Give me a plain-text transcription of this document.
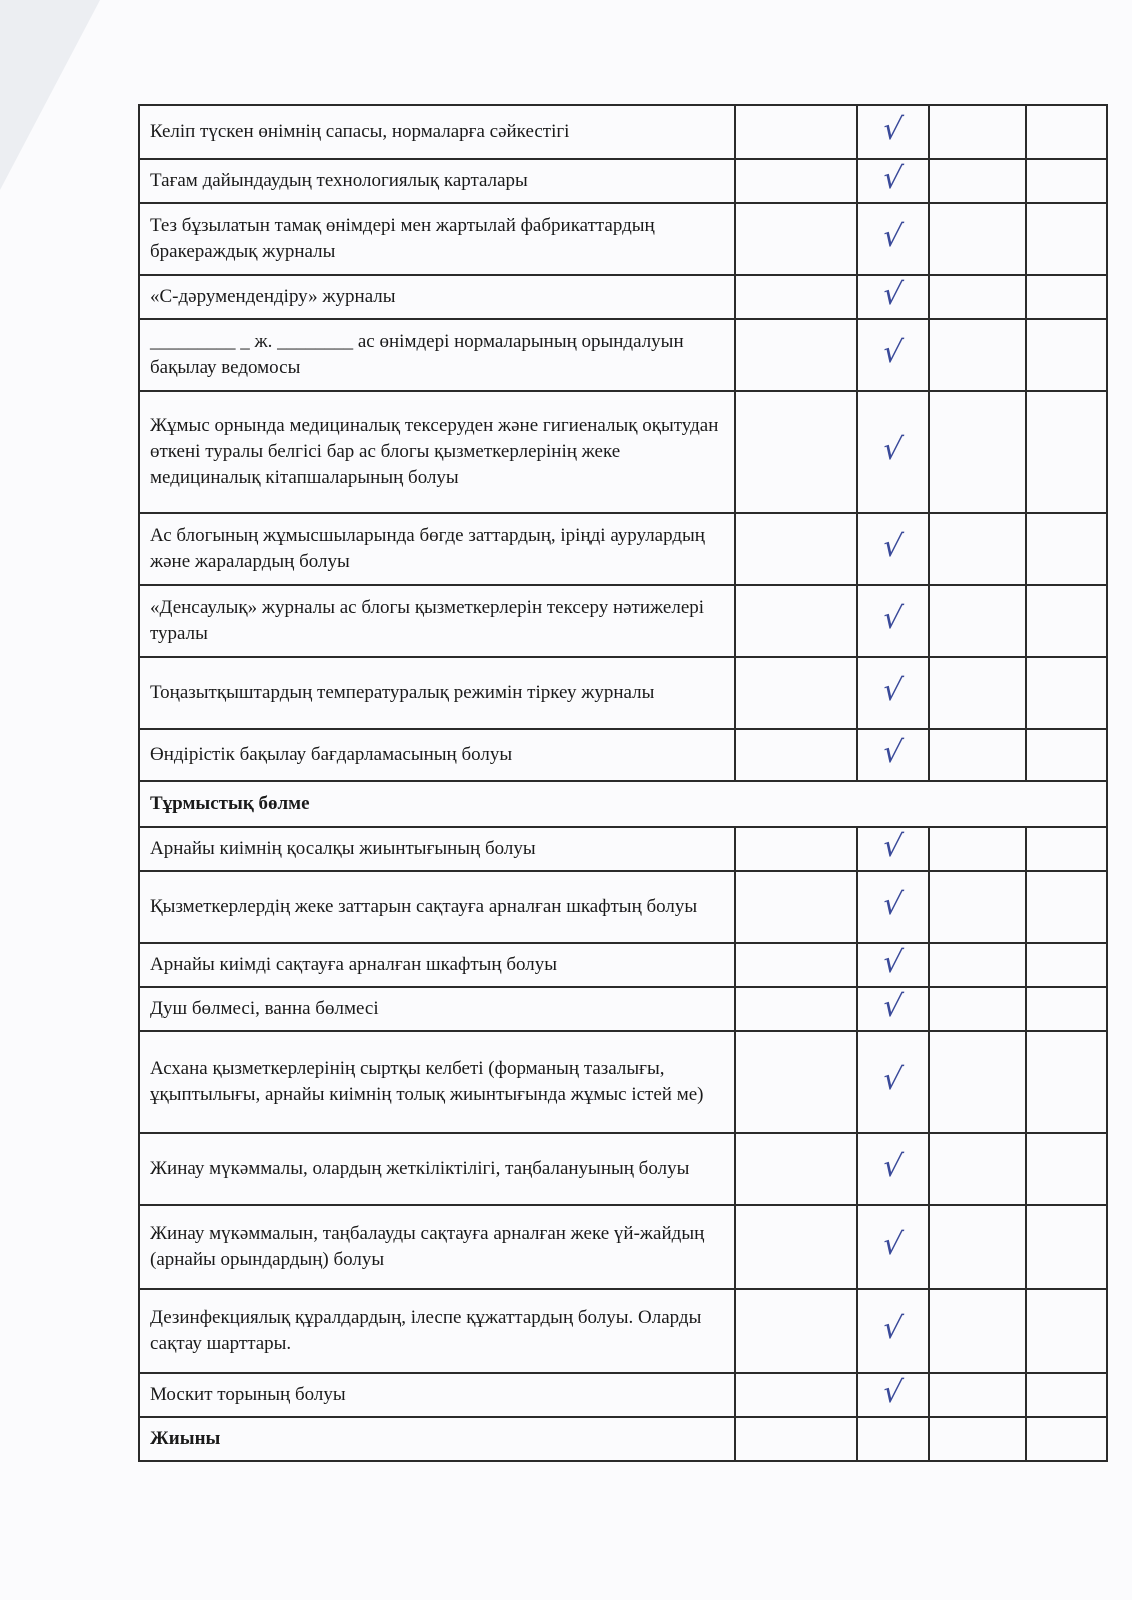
Келіп түскен өнімнің сапасы, нормаларға сәйкестігі		√		
Тағам дайындаудың технологиялық карталары		√		
Тез бұзылатын тамақ өнімдері мен жартылай фабрикаттардың бракераждық журналы		√		
«С-дәрумендендіру» журналы		√		
_________ _ ж. ________ ас өнімдері нормаларының орындалуын бақылау ведомосы		√		
Жұмыс орнында медициналық тексеруден және гигиеналық оқытудан өткені туралы белгісі бар ас блогы қызметкерлерінің жеке медициналық кітапшаларының болуы		√		
Ас блогының жұмысшыларында бөгде заттардың, іріңді аурулардың және жаралардың болуы		√		
«Денсаулық» журналы ас блогы қызметкерлерін тексеру нәтижелері туралы		√		
Тоңазытқыштардың температуралық режимін тіркеу журналы		√		
Өндірістік бақылау бағдарламасының болуы		√		
Тұрмыстық бөлме				
Арнайы киімнің қосалқы жиынтығының болуы		√		
Қызметкерлердің жеке заттарын сақтауға арналған шкафтың болуы		√		
Арнайы киімді сақтауға арналған шкафтың болуы		√		
Душ бөлмесі, ванна бөлмесі		√		
Асхана қызметкерлерінің сыртқы келбеті (форманың тазалығы, ұқыптылығы, арнайы киімнің толық жиынтығында жұмыс істей ме)		√		
Жинау мүкәммалы, олардың жеткіліктілігі, таңбалануының болуы		√		
Жинау мүкәммалын, таңбалауды сақтауға арналған жеке үй-жайдың (арнайы орындардың) болуы		√		
Дезинфекциялық құралдардың, ілеспе құжаттардың болуы. Оларды сақтау шарттары.		√		
Москит торының болуы		√		
Жиыны				
